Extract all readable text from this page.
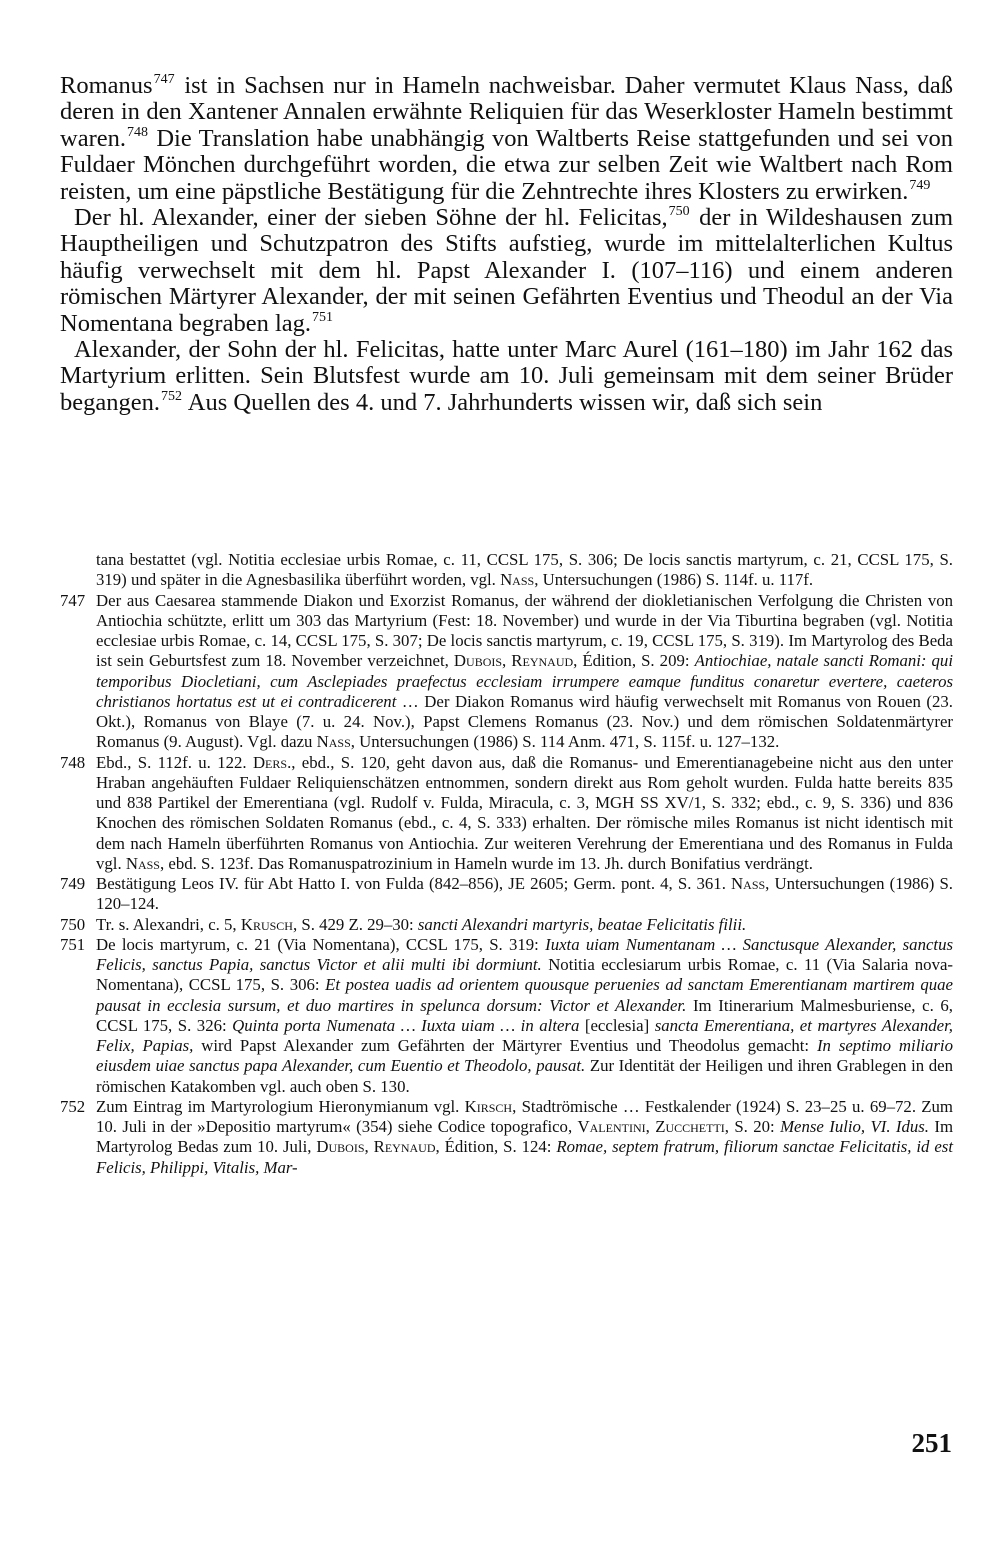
Romanus$^{747}$ ist in Sachsen nur in Hameln nachweisbar. Daher vermutet Klaus Nass, daß deren in den Xantener Annalen erwähnte Reliquien für das Weserkloster Hameln bestimmt waren.$^{748}$ Die Translation habe unabhängig von Waltberts Reise stattgefunden und sei von Fuldaer Mönchen durchgeführt worden, die etwa zur selben Zeit wie Waltbert nach Rom reisten, um eine päpstliche Bestätigung für die Zehntrechte ihres Klosters zu erwirken.$^{749}$

Der hl. Alexander, einer der sieben Söhne der hl. Felicitas,$^{750}$ der in Wildeshausen zum Hauptheiligen und Schutzpatron des Stifts aufstieg, wurde im mittelalterlichen Kultus häufig verwechselt mit dem hl. Papst Alexander I. (107–116) und einem anderen römischen Märtyrer Alexander, der mit seinen Gefährten Eventius und Theodul an der Via Nomentana begraben lag.$^{751}$

Alexander, der Sohn der hl. Felicitas, hatte unter Marc Aurel (161–180) im Jahr 162 das Martyrium erlitten. Sein Blutsfest wurde am 10. Juli gemeinsam mit dem seiner Brüder begangen.$^{752}$ Aus Quellen des 4. und 7. Jahrhunderts wissen wir, daß sich sein

tana bestattet (vgl. Notitia ecclesiae urbis Romae, c. 11, CCSL 175, S. 306; De locis sanctis martyrum, c. 21, CCSL 175, S. 319) und später in die Agnesbasilika überführt worden, vgl. Nass, Untersuchungen (1986) S. 114f. u. 117f.

747 Der aus Caesarea stammende Diakon und Exorzist Romanus, der während der diokletianischen Verfolgung die Christen von Antiochia schützte, erlitt um 303 das Martyrium (Fest: 18. November) und wurde in der Via Tiburtina begraben (vgl. Notitia ecclesiae urbis Romae, c. 14, CCSL 175, S. 307; De locis sanctis martyrum, c. 19, CCSL 175, S. 319). Im Martyrolog des Beda ist sein Geburtsfest zum 18. November verzeichnet, Dubois, Reynaud, Édition, S. 209: Antiochiae, natale sancti Romani: qui temporibus Diocletiani, cum Asclepiades praefectus ecclesiam irrumpere eamque funditus conaretur evertere, caeteros christianos hortatus est ut ei contradicerent … Der Diakon Romanus wird häufig verwechselt mit Romanus von Rouen (23. Okt.), Romanus von Blaye (7. u. 24. Nov.), Papst Clemens Romanus (23. Nov.) und dem römischen Soldatenmärtyrer Romanus (9. August). Vgl. dazu Nass, Untersuchungen (1986) S. 114 Anm. 471, S. 115f. u. 127–132.

748 Ebd., S. 112f. u. 122. Ders., ebd., S. 120, geht davon aus, daß die Romanus- und Emerentianagebeine nicht aus den unter Hraban angehäuften Fuldaer Reliquienschätzen entnommen, sondern direkt aus Rom geholt wurden. Fulda hatte bereits 835 und 838 Partikel der Emerentiana (vgl. Rudolf v. Fulda, Miracula, c. 3, MGH SS XV/1, S. 332; ebd., c. 9, S. 336) und 836 Knochen des römischen Soldaten Romanus (ebd., c. 4, S. 333) erhalten. Der römische miles Romanus ist nicht identisch mit dem nach Hameln überführten Romanus von Antiochia. Zur weiteren Verehrung der Emerentiana und des Romanus in Fulda vgl. Nass, ebd. S. 123f. Das Romanuspatrozinium in Hameln wurde im 13. Jh. durch Bonifatius verdrängt.

749 Bestätigung Leos IV. für Abt Hatto I. von Fulda (842–856), JE 2605; Germ. pont. 4, S. 361. Nass, Untersuchungen (1986) S. 120–124.

750 Tr. s. Alexandri, c. 5, Krusch, S. 429 Z. 29–30: sancti Alexandri martyris, beatae Felicitatis filii.

751 De locis martyrum, c. 21 (Via Nomentana), CCSL 175, S. 319: Iuxta uiam Numentanam … Sanctusque Alexander, sanctus Felicis, sanctus Papia, sanctus Victor et alii multi ibi dormiunt. Notitia ecclesiarum urbis Romae, c. 11 (Via Salaria nova-Nomentana), CCSL 175, S. 306: Et postea uadis ad orientem quousque peruenies ad sanctam Emerentianam martirem quae pausat in ecclesia sursum, et duo martires in spelunca dorsum: Victor et Alexander. Im Itinerarium Malmesburiense, c. 6, CCSL 175, S. 326: Quinta porta Numenata … Iuxta uiam … in altera [ecclesia] sancta Emerentiana, et martyres Alexander, Felix, Papias, wird Papst Alexander zum Gefährten der Märtyrer Eventius und Theodolus gemacht: In septimo miliario eiusdem uiae sanctus papa Alexander, cum Euentio et Theodolo, pausat. Zur Identität der Heiligen und ihren Grablegen in den römischen Katakomben vgl. auch oben S. 130.

752 Zum Eintrag im Martyrologium Hieronymianum vgl. Kirsch, Stadtrömische … Festkalender (1924) S. 23–25 u. 69–72. Zum 10. Juli in der »Depositio martyrum« (354) siehe Codice topografico, Valentini, Zucchetti, S. 20: Mense Iulio, VI. Idus. Im Martyrolog Bedas zum 10. Juli, Dubois, Reynaud, Édition, S. 124: Romae, septem fratrum, filiorum sanctae Felicitatis, id est Felicis, Philippi, Vitalis, Mar-

251
